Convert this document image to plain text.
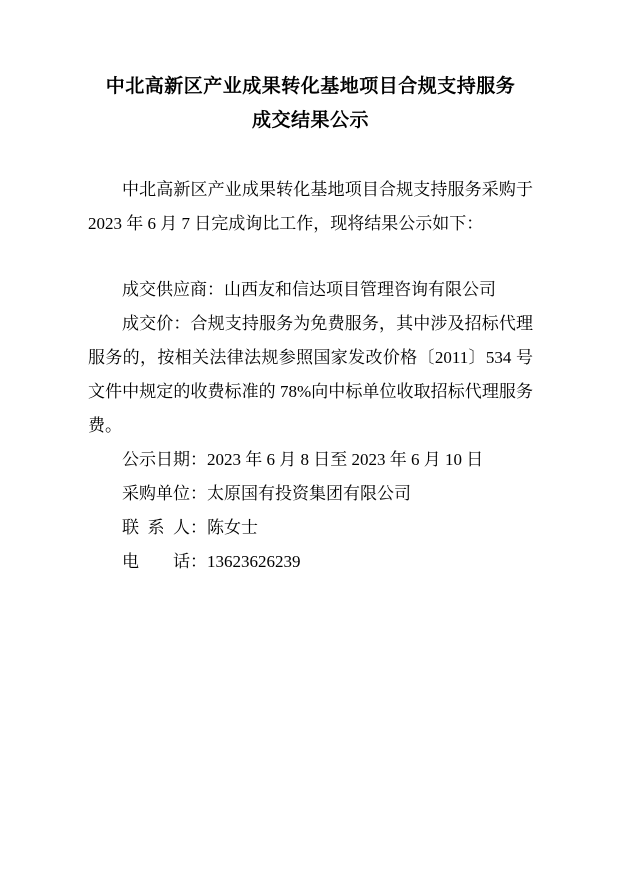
中北高新区产业成果转化基地项目合规支持服务
成交结果公示

中北高新区产业成果转化基地项目合规支持服务采购于 2023 年 6 月 7 日完成询比工作，现将结果公示如下：

成交供应商：山西友和信达项目管理咨询有限公司

成交价：合规支持服务为免费服务，其中涉及招标代理服务的，按相关法律法规参照国家发改价格〔2011〕534 号文件中规定的收费标准的 78%向中标单位收取招标代理服务费。

公示日期：2023 年 6 月 8 日至 2023 年 6 月 10 日

采购单位：太原国有投资集团有限公司

联 系 人：陈女士

电　　话：13623626239
